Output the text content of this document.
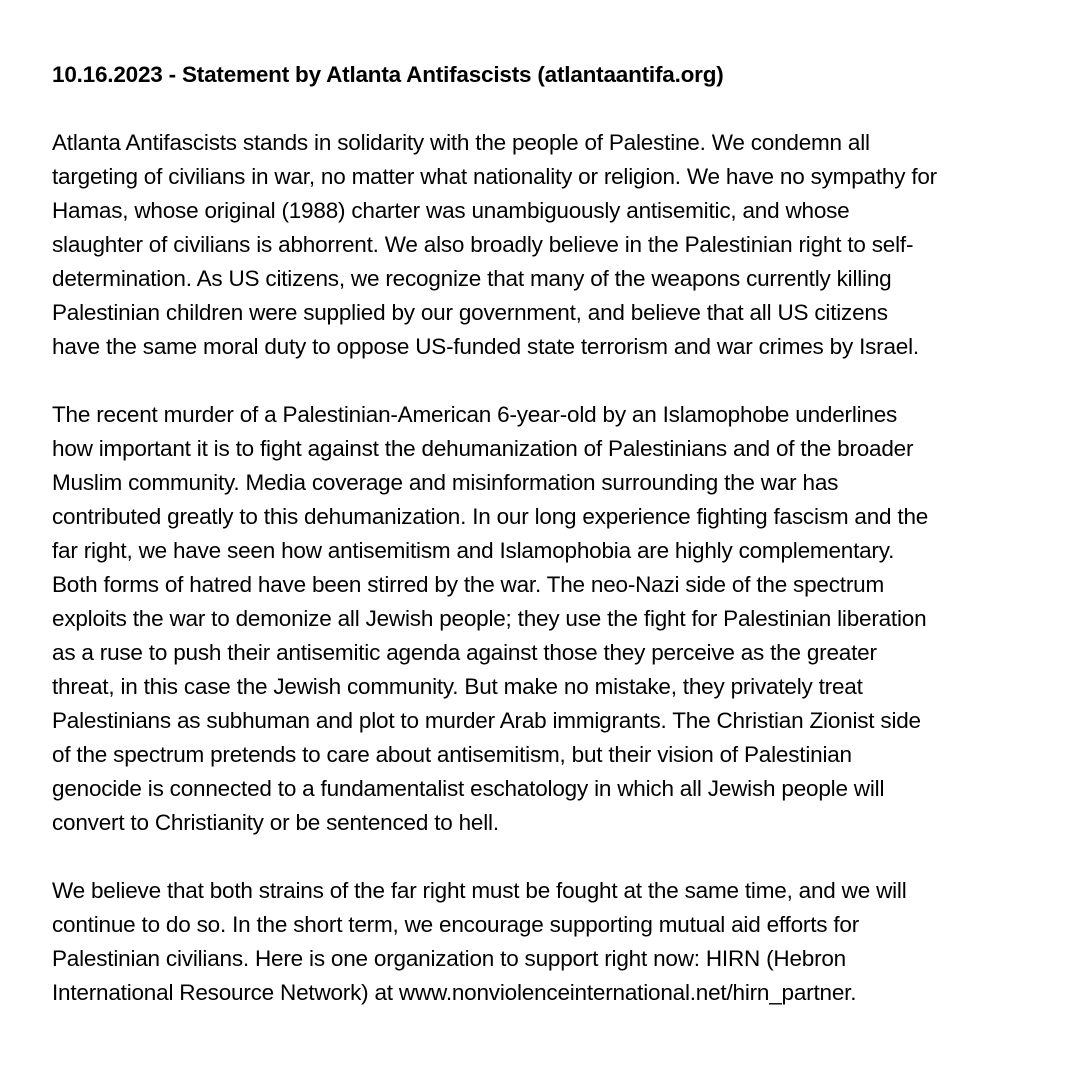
10.16.2023 - Statement by Atlanta Antifascists (atlantaantifa.org)

Atlanta Antifascists stands in solidarity with the people of Palestine. We condemn all
targeting of civilians in war, no matter what nationality or religion. We have no sympathy for
Hamas, whose original (1988) charter was unambiguously antisemitic, and whose
slaughter of civilians is abhorrent. We also broadly believe in the Palestinian right to self-
determination. As US citizens, we recognize that many of the weapons currently killing
Palestinian children were supplied by our government, and believe that all US citizens
have the same moral duty to oppose US-funded state terrorism and war crimes by Israel.

The recent murder of a Palestinian-American 6-year-old by an Islamophobe underlines
how important it is to fight against the dehumanization of Palestinians and of the broader
Muslim community. Media coverage and misinformation surrounding the war has
contributed greatly to this dehumanization. In our long experience fighting fascism and the
far right, we have seen how antisemitism and Islamophobia are highly complementary.
Both forms of hatred have been stirred by the war. The neo-Nazi side of the spectrum
exploits the war to demonize all Jewish people; they use the fight for Palestinian liberation
as a ruse to push their antisemitic agenda against those they perceive as the greater
threat, in this case the Jewish community. But make no mistake, they privately treat
Palestinians as subhuman and plot to murder Arab immigrants. The Christian Zionist side
of the spectrum pretends to care about antisemitism, but their vision of Palestinian
genocide is connected to a fundamentalist eschatology in which all Jewish people will
convert to Christianity or be sentenced to hell.

We believe that both strains of the far right must be fought at the same time, and we will
continue to do so. In the short term, we encourage supporting mutual aid efforts for
Palestinian civilians. Here is one organization to support right now: HIRN (Hebron
International Resource Network) at www.nonviolenceinternational.net/hirn_partner.
